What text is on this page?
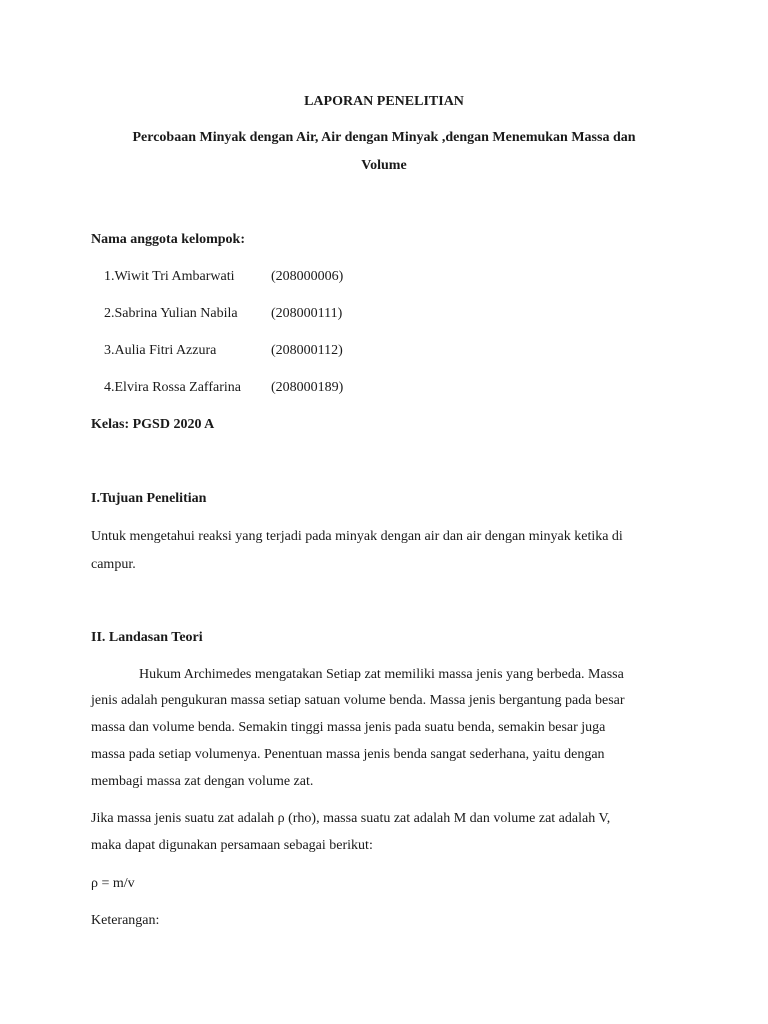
LAPORAN PENELITIAN
Percobaan Minyak dengan Air, Air dengan Minyak ,dengan Menemukan Massa dan
Volume
Nama anggota kelompok:
1.Wiwit Tri Ambarwati	(208000006)
2.Sabrina Yulian Nabila (208000111)
3.Aulia Fitri Azzura	(208000112)
4.Elvira Rossa Zaffarina (208000189)
Kelas: PGSD 2020 A
I.Tujuan Penelitian
Untuk mengetahui reaksi yang terjadi pada minyak dengan air dan air dengan minyak ketika di
campur.
II. Landasan Teori
Hukum Archimedes mengatakan Setiap zat memiliki massa jenis yang berbeda. Massa
jenis adalah pengukuran massa setiap satuan volume benda. Massa jenis bergantung pada besar
massa dan volume benda. Semakin tinggi massa jenis pada suatu benda, semakin besar juga
massa pada setiap volumenya. Penentuan massa jenis benda sangat sederhana, yaitu dengan
membagi massa zat dengan volume zat.
Jika massa jenis suatu zat adalah ρ (rho), massa suatu zat adalah M dan volume zat adalah V,
maka dapat digunakan persamaan sebagai berikut:
ρ = m/v
Keterangan:
